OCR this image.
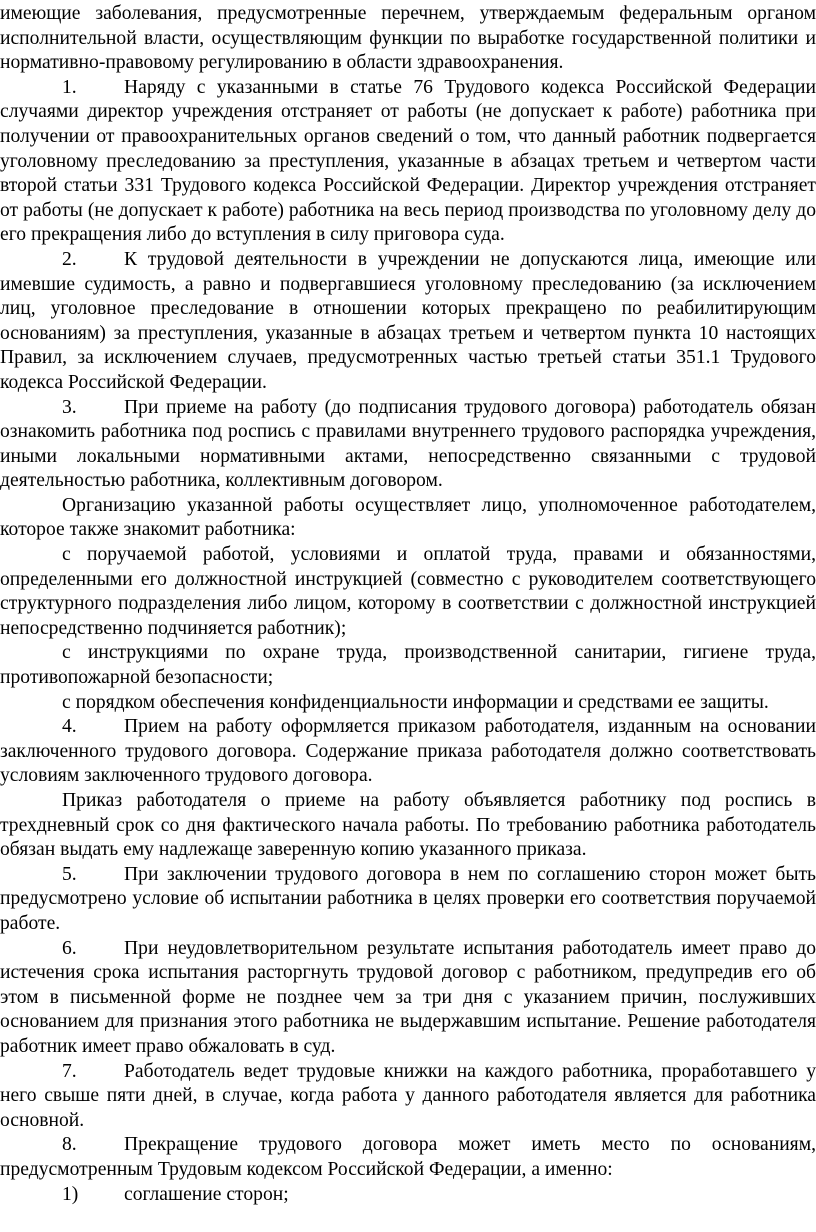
имеющие заболевания, предусмотренные перечнем, утверждаемым федеральным органом исполнительной власти, осуществляющим функции по выработке государственной политики и нормативно-правовому регулированию в области здравоохранения.

1. Наряду с указанными в статье 76 Трудового кодекса Российской Федерации случаями директор учреждения отстраняет от работы (не допускает к работе) работника при получении от правоохранительных органов сведений о том, что данный работник подвергается уголовному преследованию за преступления, указанные в абзацах третьем и четвертом части второй статьи 331 Трудового кодекса Российской Федерации. Директор учреждения отстраняет от работы (не допускает к работе) работника на весь период производства по уголовному делу до его прекращения либо до вступления в силу приговора суда.

2. К трудовой деятельности в учреждении не допускаются лица, имеющие или имевшие судимость, а равно и подвергавшиеся уголовному преследованию (за исключением лиц, уголовное преследование в отношении которых прекращено по реабилитирующим основаниям) за преступления, указанные в абзацах третьем и четвертом пункта 10 настоящих Правил, за исключением случаев, предусмотренных частью третьей статьи 351.1 Трудового кодекса Российской Федерации.

3. При приеме на работу (до подписания трудового договора) работодатель обязан ознакомить работника под роспись с правилами внутреннего трудового распорядка учреждения, иными локальными нормативными актами, непосредственно связанными с трудовой деятельностью работника, коллективным договором.

Организацию указанной работы осуществляет лицо, уполномоченное работодателем, которое также знакомит работника:

с поручаемой работой, условиями и оплатой труда, правами и обязанностями, определенными его должностной инструкцией (совместно с руководителем соответствующего структурного подразделения либо лицом, которому в соответствии с должностной инструкцией непосредственно подчиняется работник);

с инструкциями по охране труда, производственной санитарии, гигиене труда, противопожарной безопасности;

с порядком обеспечения конфиденциальности информации и средствами ее защиты.

4. Прием на работу оформляется приказом работодателя, изданным на основании заключенного трудового договора. Содержание приказа работодателя должно соответствовать условиям заключенного трудового договора.

Приказ работодателя о приеме на работу объявляется работнику под роспись в трехдневный срок со дня фактического начала работы. По требованию работника работодатель обязан выдать ему надлежаще заверенную копию указанного приказа.

5. При заключении трудового договора в нем по соглашению сторон может быть предусмотрено условие об испытании работника в целях проверки его соответствия поручаемой работе.

6. При неудовлетворительном результате испытания работодатель имеет право до истечения срока испытания расторгнуть трудовой договор с работником, предупредив его об этом в письменной форме не позднее чем за три дня с указанием причин, послуживших основанием для признания этого работника не выдержавшим испытание. Решение работодателя работник имеет право обжаловать в суд.

7. Работодатель ведет трудовые книжки на каждого работника, проработавшего у него свыше пяти дней, в случае, когда работа у данного работодателя является для работника основной.

8. Прекращение трудового договора может иметь место по основаниям, предусмотренным Трудовым кодексом Российской Федерации, а именно:

1) соглашение сторон;
